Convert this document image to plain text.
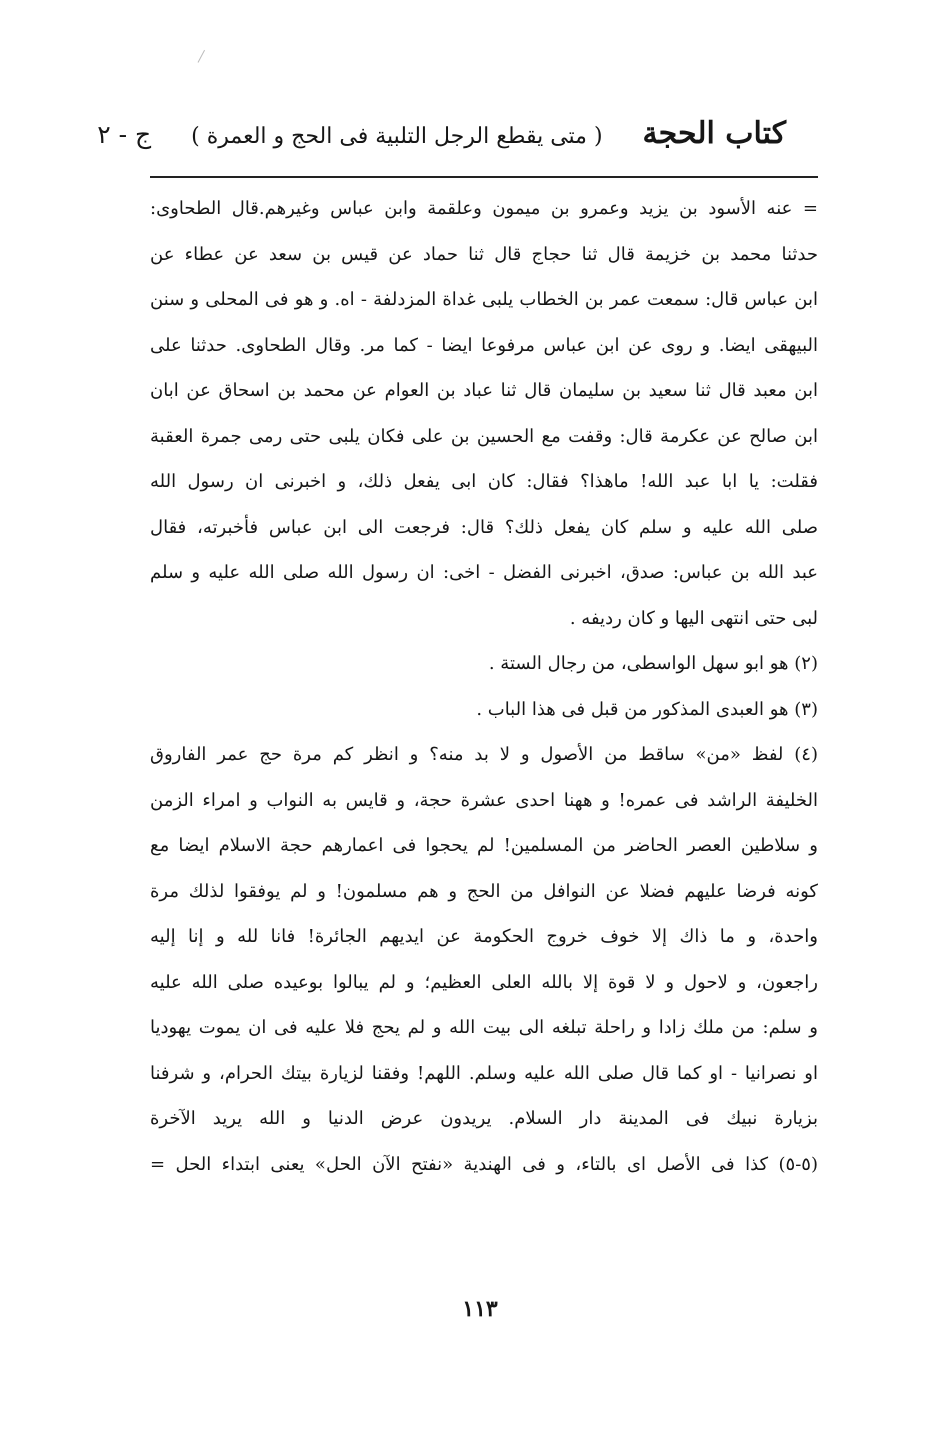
كتاب الحجة
( متى يقطع الرجل التلبية فى الحج و العمرة )
ج - ٢
= عنه الأسود بن يزيد وعمرو بن ميمون وعلقمة وابن عباس وغيرهم.قال الطحاوى:
حدثنا محمد بن خزيمة قال ثنا حجاج قال ثنا حماد عن قيس بن سعد عن عطاء عن
ابن عباس قال: سمعت عمر بن الخطاب يلبى غداة المزدلفة - اه. و هو فى المحلى و سنن
البيهقى ايضا. و روى عن ابن عباس مرفوعا ايضا - كما مر. وقال الطحاوى. حدثنا على
ابن معبد قال ثنا سعيد بن سليمان قال ثنا عباد بن العوام عن محمد بن اسحاق عن ابان
ابن صالح عن عكرمة قال: وقفت مع الحسين بن على فكان يلبى حتى رمى جمرة العقبة
فقلت: يا ابا عبد الله! ماهذا؟ فقال: كان ابى يفعل ذلك، و اخبرنى ان رسول الله
صلى الله عليه و سلم كان يفعل ذلك؟ قال: فرجعت الى ابن عباس فأخبرته، فقال
عبد الله بن عباس: صدق، اخبرنى الفضل - اخى: ان رسول الله صلى الله عليه و سلم
لبى حتى انتهى اليها و كان رديفه .
(٢) هو ابو سهل الواسطى، من رجال الستة .
(٣) هو العبدى المذكور من قبل فى هذا الباب .
(٤) لفظ «من» ساقط من الأصول و لا بد منه؟ و انظر كم مرة حج عمر الفاروق
الخليفة الراشد فى عمره! و ههنا احدى عشرة حجة، و قايس به النواب و امراء الزمن
و سلاطين العصر الحاضر من المسلمين! لم يحجوا فى اعمارهم حجة الاسلام ايضا مع
كونه فرضا عليهم فضلا عن النوافل من الحج و هم مسلمون! و لم يوفقوا لذلك مرة
واحدة، و ما ذاك إلا خوف خروج الحكومة عن ايديهم الجائرة! فانا لله و إنا إليه
راجعون، و لاحول و لا قوة إلا بالله العلى العظيم؛ و لم يبالوا بوعيده صلى الله عليه
و سلم: من ملك زادا و راحلة تبلغه الى بيت الله و لم يحج فلا عليه فى ان يموت يهوديا
او نصرانيا - او كما قال صلى الله عليه وسلم. اللهم! وفقنا لزيارة بيتك الحرام، و شرفنا
بزيارة نبيك فى المدينة دار السلام. يريدون عرض الدنيا و الله يريد الآخرة
(٥-٥) كذا فى الأصل اى بالتاء، و فى الهندية «نفتح الآن الحل» يعنى ابتداء الحل =
١١٣
